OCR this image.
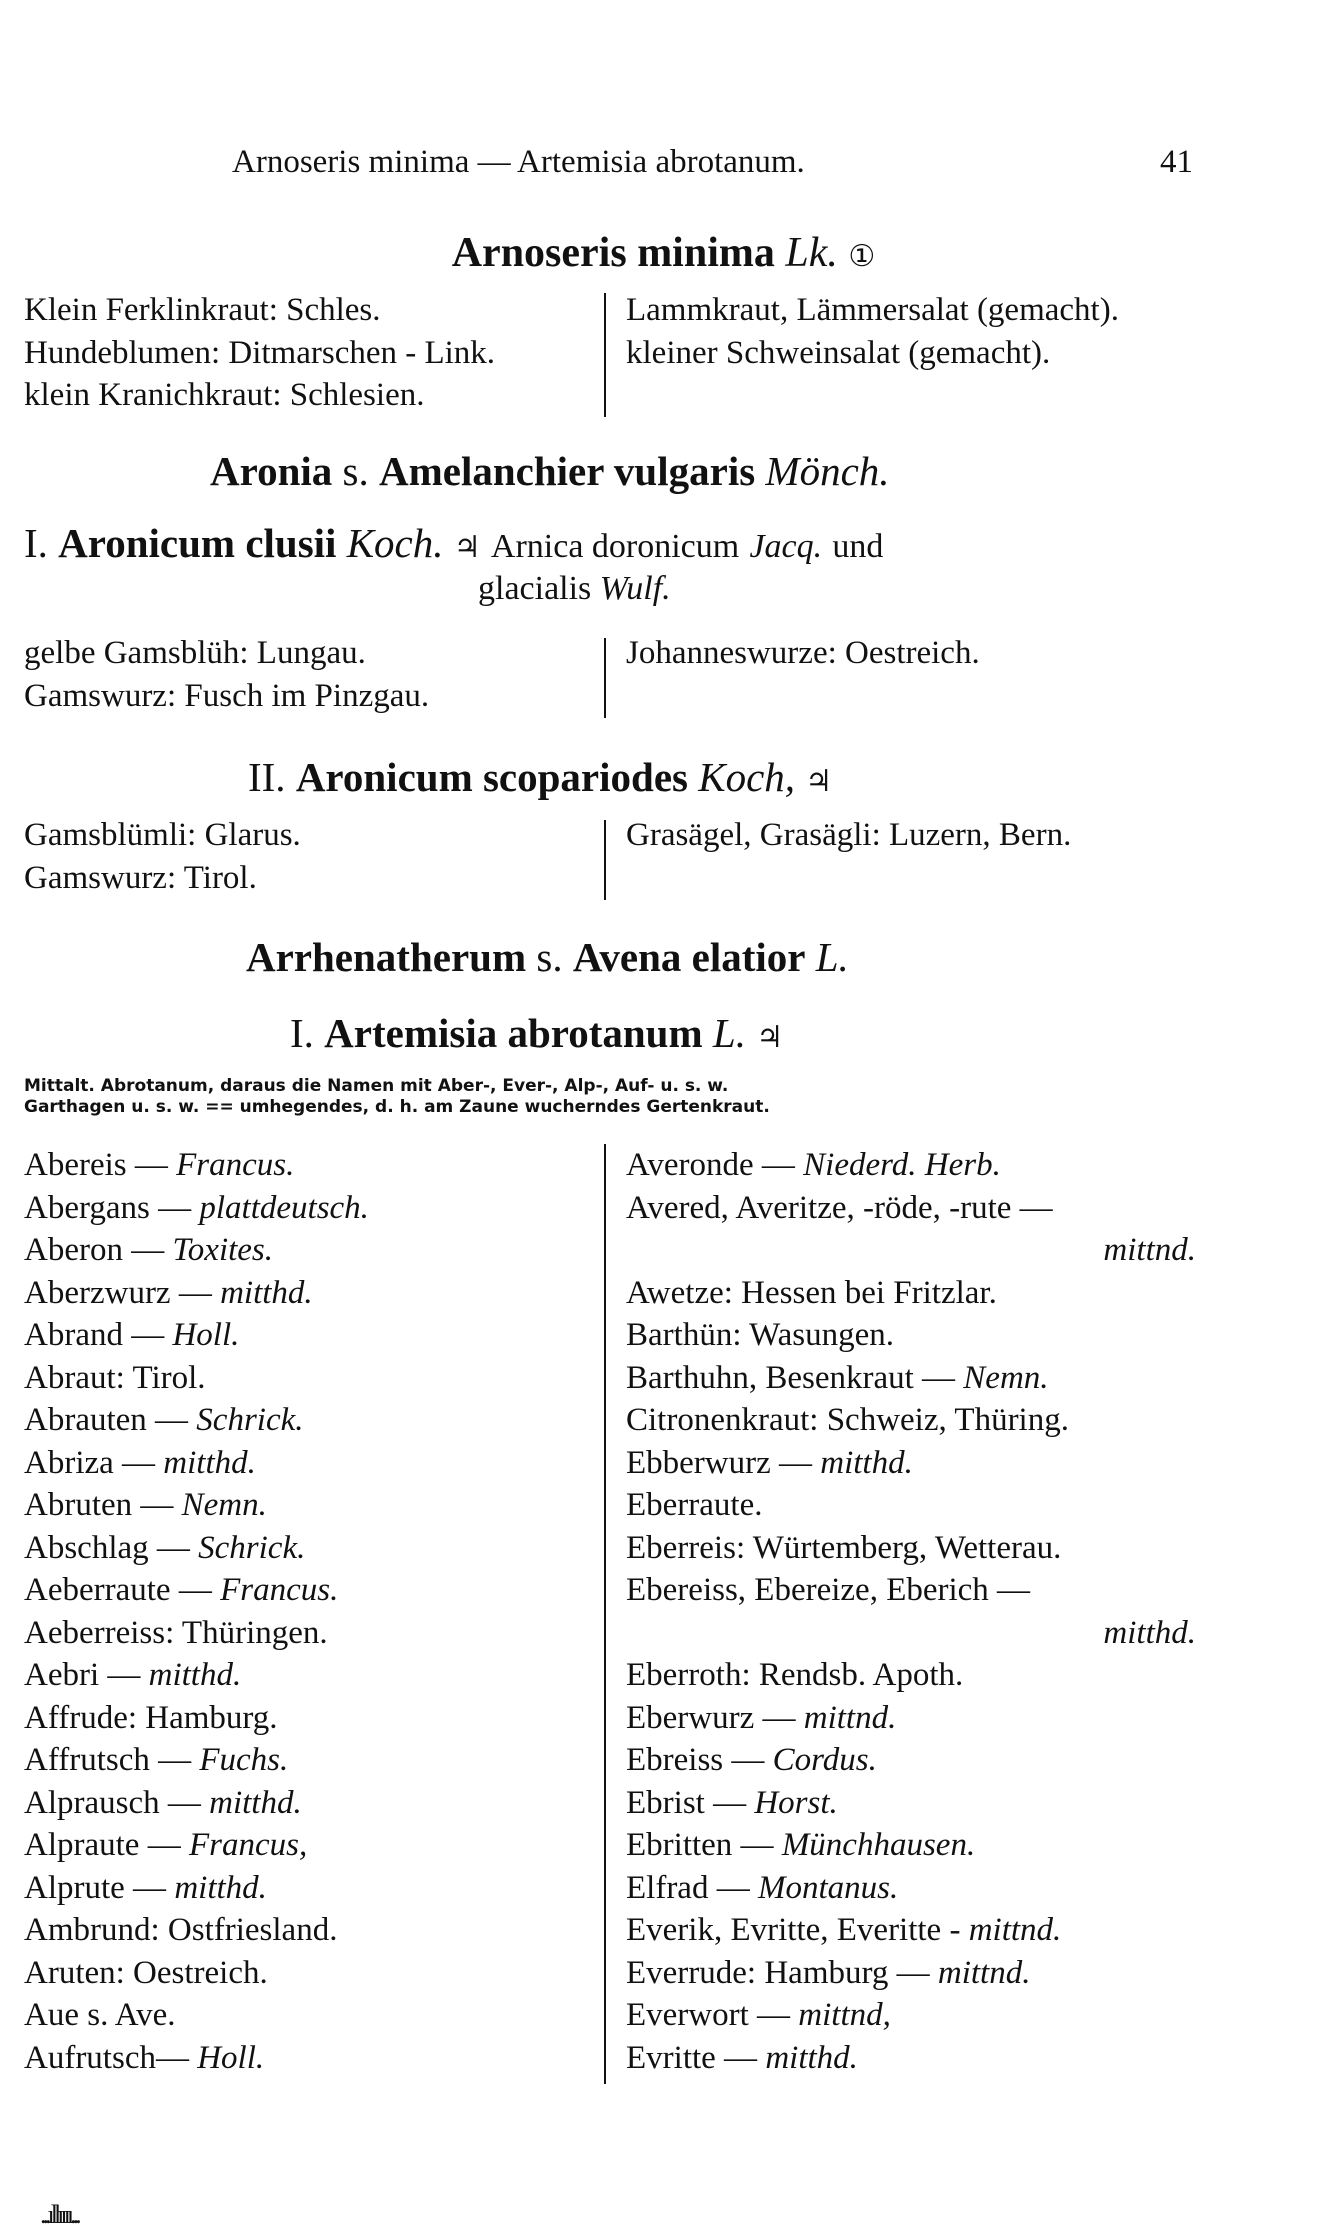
Arnoseris minima — Artemisia abrotanum.	41
Arnoseris minima Lk. ①
Klein Ferklinkraut: Schles.
Hundeblumen: Ditmarschen - Link.
klein Kranichkraut: Schlesien.
Lammkraut, Lämmersalat (gemacht).
kleiner Schweinsalat (gemacht).
Aronia s. Amelanchier vulgaris Mönch.
I. Aronicum clusii Koch. ♃ Arnica doronicum Jacq. und
glacialis Wulf.
gelbe Gamsblüh: Lungau.
Gamswurz: Fusch im Pinzgau.
Johanneswurze: Oestreich.
II. Aronicum scopariodes Koch, ♃
Gamsblümli: Glarus.
Gamswurz: Tirol.
Grasägel, Grasägli: Luzern, Bern.
Arrhenatherum s. Avena elatior L.
I. Artemisia abrotanum L. ♃
Mittalt. Abrotanum, daraus die Namen mit Aber-, Ever-, Alp-, Auf- u. s. w.
Garthagen u. s. w. == umhegendes, d. h. am Zaune wucherndes Gertenkraut.
Abereis — Francus.
Abergans — plattdeutsch.
Aberon — Toxites.
Aberzwurz — mitthd.
Abrand — Holl.
Abraut: Tirol.
Abrauten — Schrick.
Abriza — mitthd.
Abruten — Nemn.
Abschlag — Schrick.
Aeberraute — Francus.
Aeberreiss: Thüringen.
Aebri — mitthd.
Affrude: Hamburg.
Affrutsch — Fuchs.
Alprausch — mitthd.
Alpraute — Francus,
Alprute — mitthd.
Ambrund: Ostfriesland.
Aruten: Oestreich.
Aue s. Ave.
Aufrutsch— Holl.
Averonde — Niederd. Herb.
Avered, Averitze, -röde, -rute —
mittnd.
Awetze: Hessen bei Fritzlar.
Barthün: Wasungen.
Barthuhn, Besenkraut — Nemn.
Citronenkraut: Schweiz, Thüring.
Ebberwurz — mitthd.
Eberraute.
Eberreis: Würtemberg, Wetterau.
Ebereiss, Ebereize, Eberich —
mitthd.
Eberroth: Rendsb. Apoth.
Eberwurz — mittnd.
Ebreiss — Cordus.
Ebrist — Horst.
Ebritten — Münchhausen.
Elfrad — Montanus.
Everik, Evritte, Everitte - mittnd.
Everrude: Hamburg — mittnd.
Everwort — mittnd,
Evritte — mitthd.
...ıllıııı...
